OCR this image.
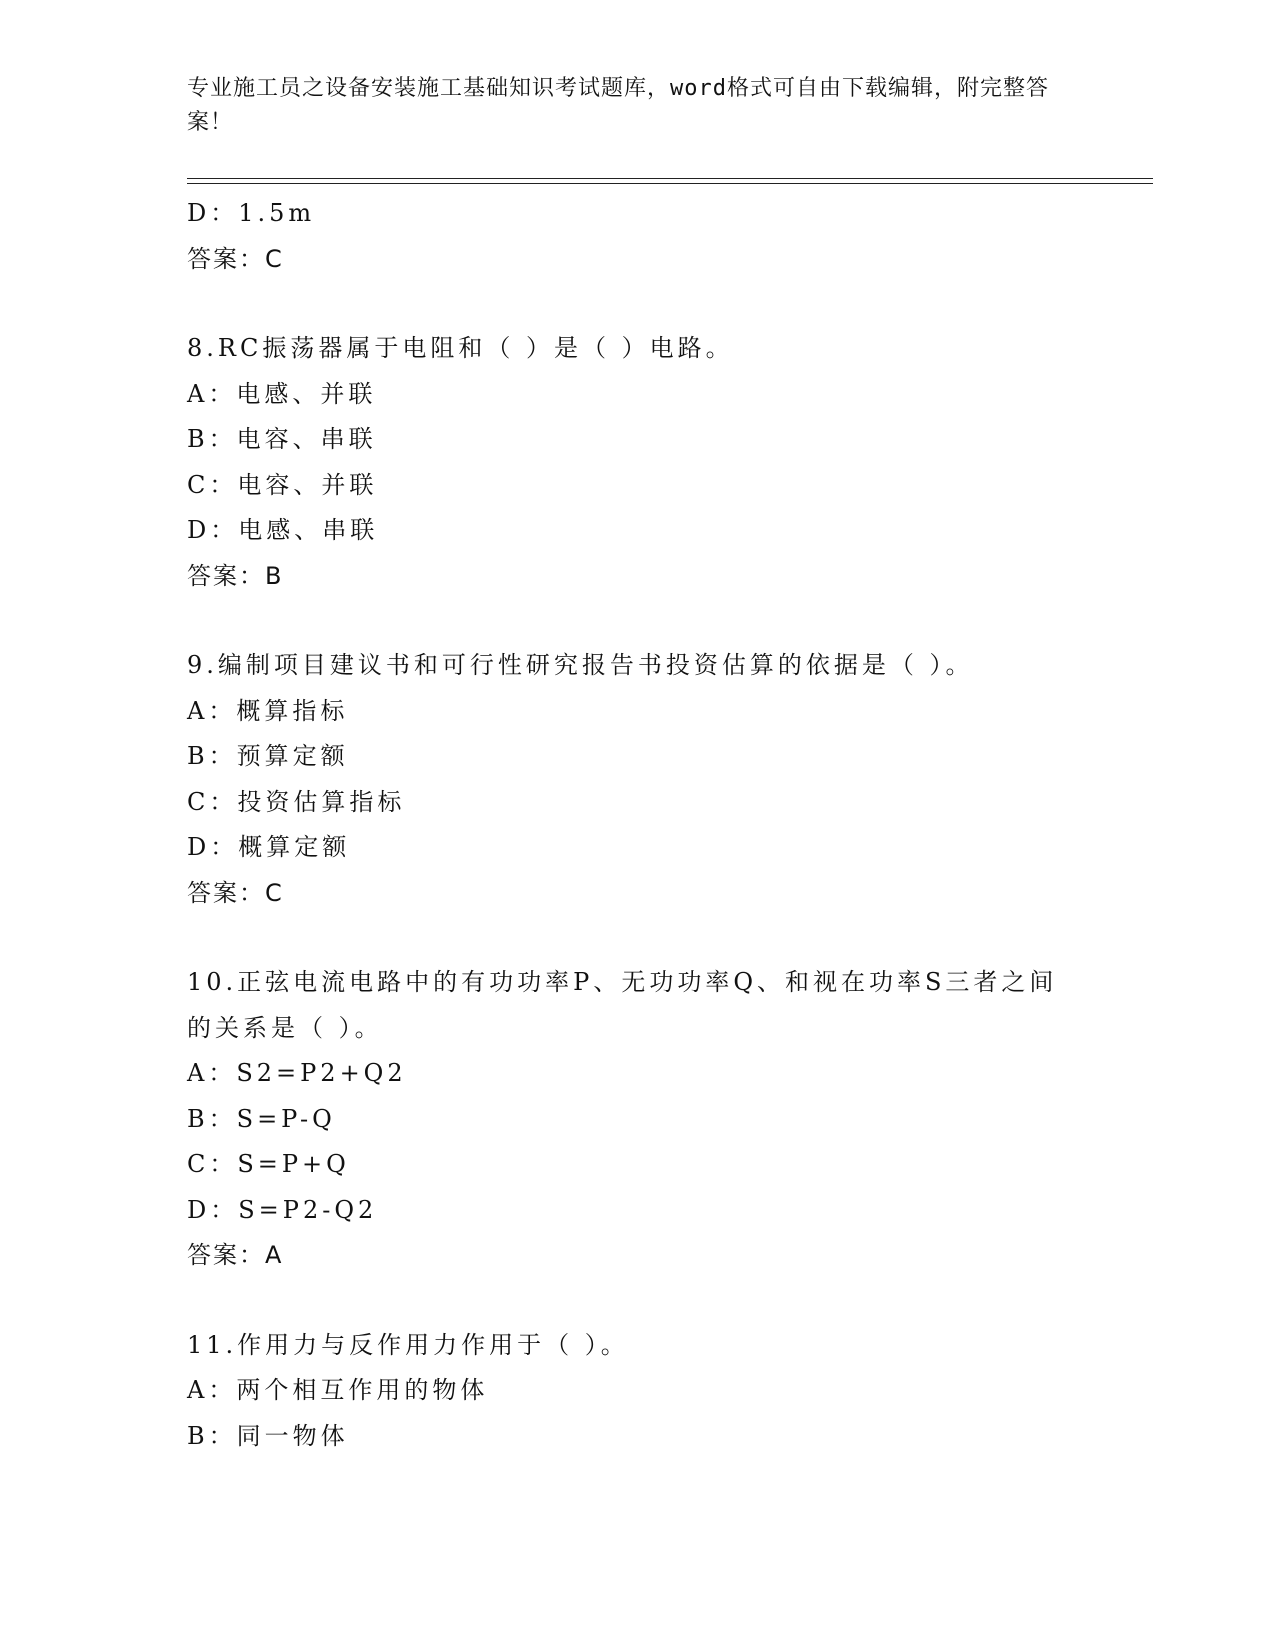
专业施工员之设备安装施工基础知识考试题库，word格式可自由下载编辑，附完整答案！
D：1.5m
答案：C
8.RC振荡器属于电阻和（ ）是（ ）电路。
A：电感、并联
B：电容、串联
C：电容、并联
D：电感、串联
答案：B
9.编制项目建议书和可行性研究报告书投资估算的依据是（ ）。
A：概算指标
B：预算定额
C：投资估算指标
D：概算定额
答案：C
10.正弦电流电路中的有功功率P、无功功率Q、和视在功率S三者之间的关系是（ ）。
A：S2=P2+Q2
B：S=P-Q
C：S=P+Q
D：S=P2-Q2
答案：A
11.作用力与反作用力作用于（ ）。
A：两个相互作用的物体
B：同一物体
